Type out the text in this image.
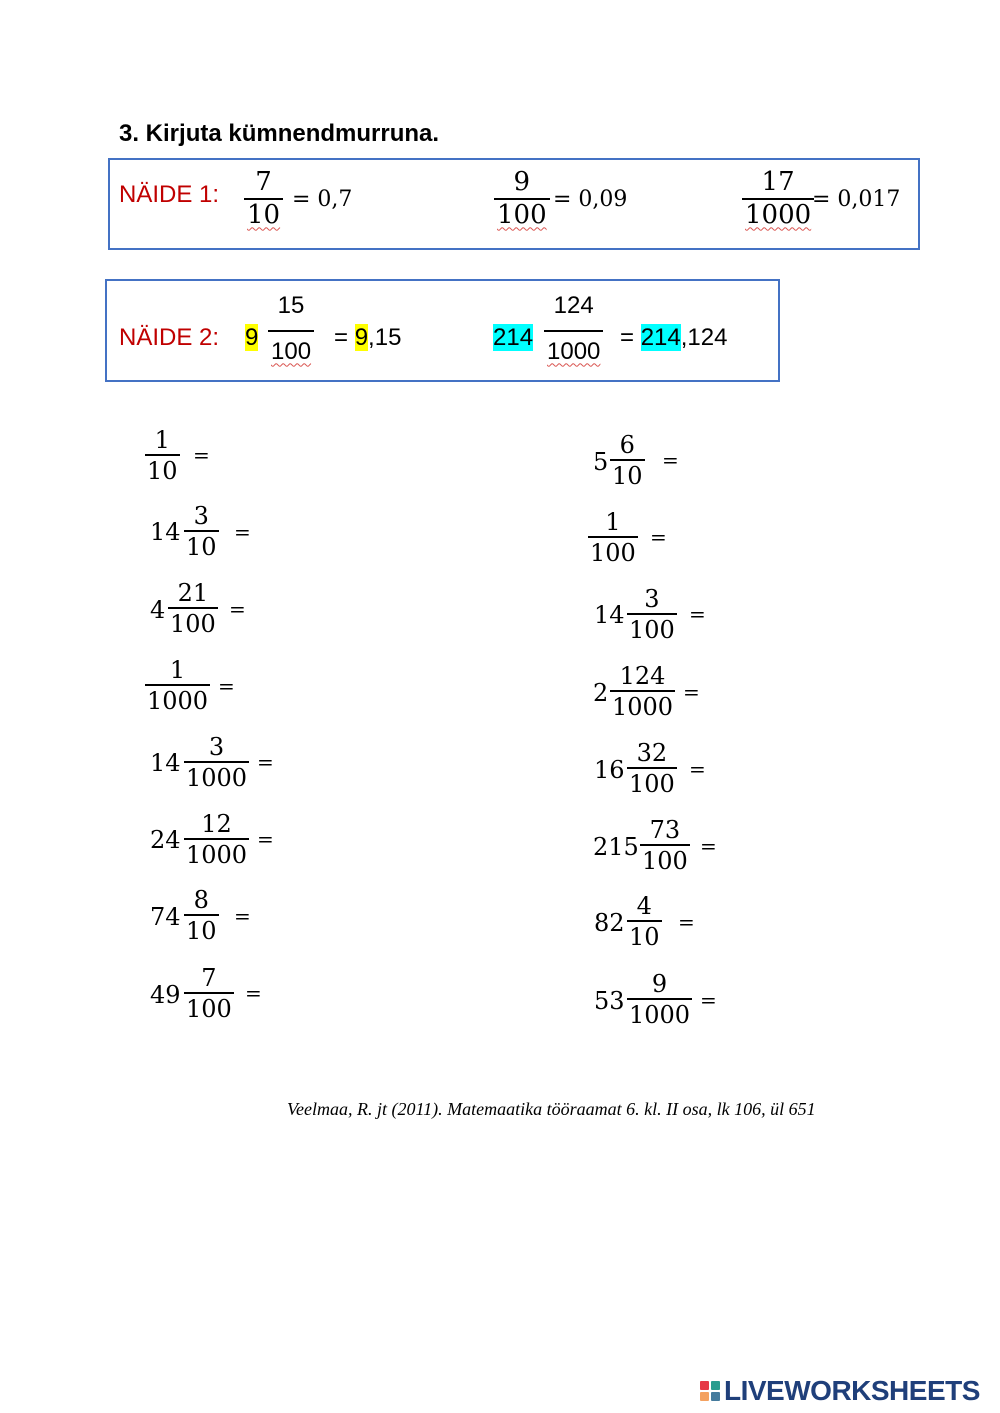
3. Kirjuta kümnendmurruna.
NÄIDE 1: 7
10
= 0,7
9
100
= 0,09
17
1000
= 0,017
NÄIDE 2: 9
15
100
= 9,15	214
124
1000
= 214,124
1
10
=
14
3
10
=
4
21
100
=
1
1000
=
14
3
1000
=
24
12
1000
=
74
8
10
=
49
7
100
=
5
6
10
=
1
100
=
14
3
100
=
2
124
1000
=
16
32
100
=
215
73
100
=
82
4
10
=
53
9
1000
=
Veelmaa, R. jt (2011). Matemaatika tööraamat 6. kl. II osa, lk 106, ül 651
LIVEWORKSHEETS
